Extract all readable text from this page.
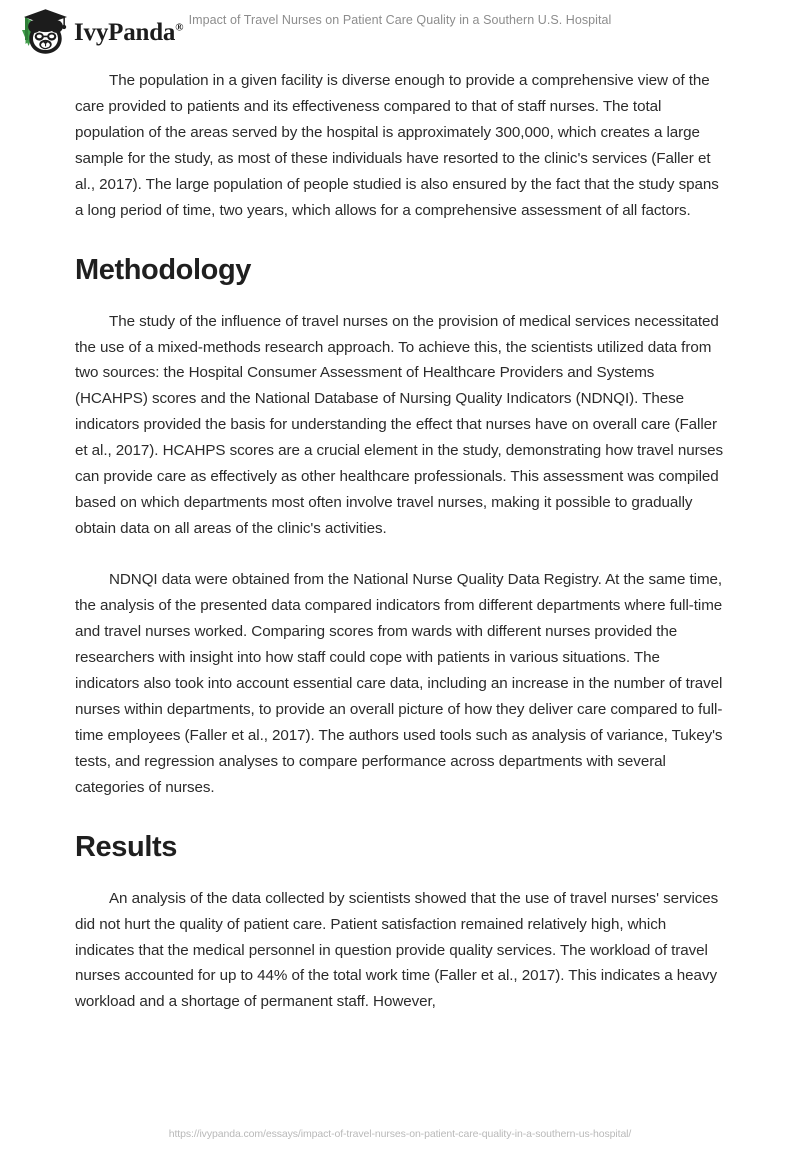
IvyPanda®
Impact of Travel Nurses on Patient Care Quality in a Southern U.S. Hospital

The population in a given facility is diverse enough to provide a comprehensive view of the care provided to patients and its effectiveness compared to that of staff nurses. The total population of the areas served by the hospital is approximately 300,000, which creates a large sample for the study, as most of these individuals have resorted to the clinic's services (Faller et al., 2017). The large population of people studied is also ensured by the fact that the study spans a long period of time, two years, which allows for a comprehensive assessment of all factors.

Methodology

The study of the influence of travel nurses on the provision of medical services necessitated the use of a mixed-methods research approach. To achieve this, the scientists utilized data from two sources: the Hospital Consumer Assessment of Healthcare Providers and Systems (HCAHPS) scores and the National Database of Nursing Quality Indicators (NDNQI). These indicators provided the basis for understanding the effect that nurses have on overall care (Faller et al., 2017). HCAHPS scores are a crucial element in the study, demonstrating how travel nurses can provide care as effectively as other healthcare professionals. This assessment was compiled based on which departments most often involve travel nurses, making it possible to gradually obtain data on all areas of the clinic's activities.

NDNQI data were obtained from the National Nurse Quality Data Registry. At the same time, the analysis of the presented data compared indicators from different departments where full-time and travel nurses worked. Comparing scores from wards with different nurses provided the researchers with insight into how staff could cope with patients in various situations. The indicators also took into account essential care data, including an increase in the number of travel nurses within departments, to provide an overall picture of how they deliver care compared to full-time employees (Faller et al., 2017). The authors used tools such as analysis of variance, Tukey's tests, and regression analyses to compare performance across departments with several categories of nurses.

Results

An analysis of the data collected by scientists showed that the use of travel nurses' services did not hurt the quality of patient care. Patient satisfaction remained relatively high, which indicates that the medical personnel in question provide quality services. The workload of travel nurses accounted for up to 44% of the total work time (Faller et al., 2017). This indicates a heavy workload and a shortage of permanent staff. However,

https://ivypanda.com/essays/impact-of-travel-nurses-on-patient-care-quality-in-a-southern-us-hospital/
